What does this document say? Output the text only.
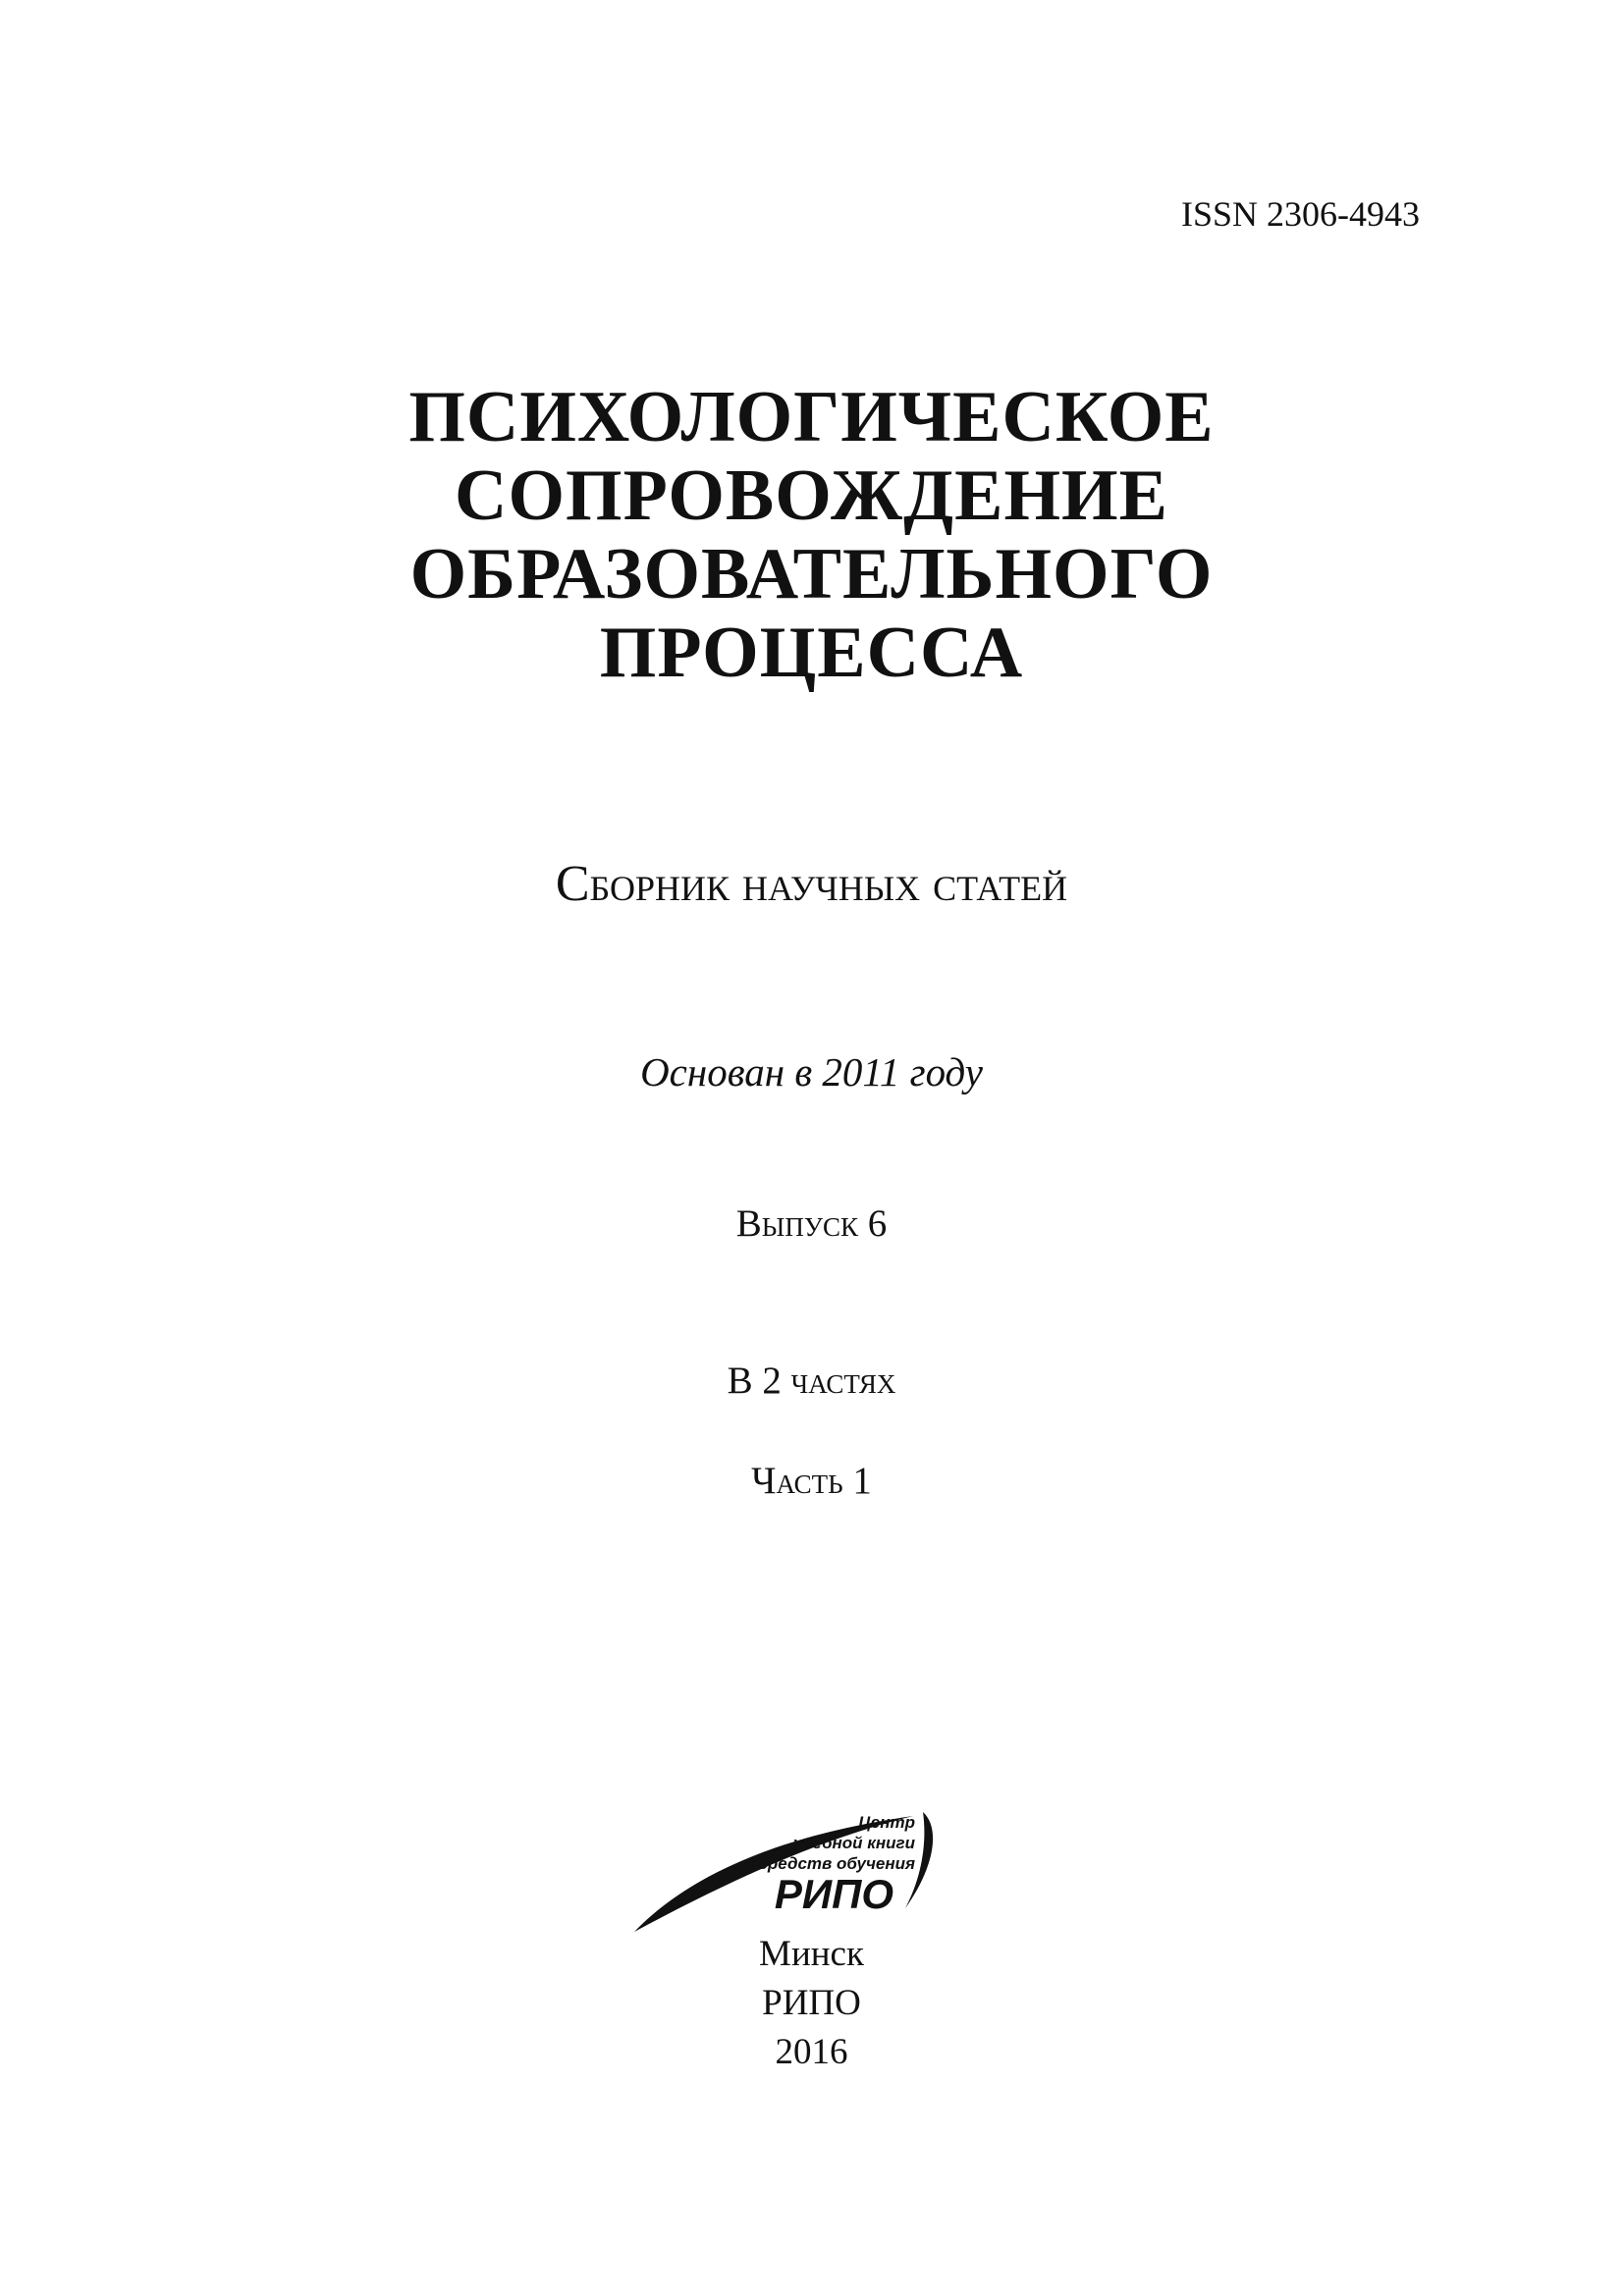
ISSN 2306-4943
ПСИХОЛОГИЧЕСКОЕ
СОПРОВОЖДЕНИЕ
ОБРАЗОВАТЕЛЬНОГО
ПРОЦЕССА
Сборник научных статей
Основан в 2011 году
Выпуск 6
В 2 частях
Часть 1
Центр
учебной книги
и средств обучения
РИПО
Минск
РИПО
2016
